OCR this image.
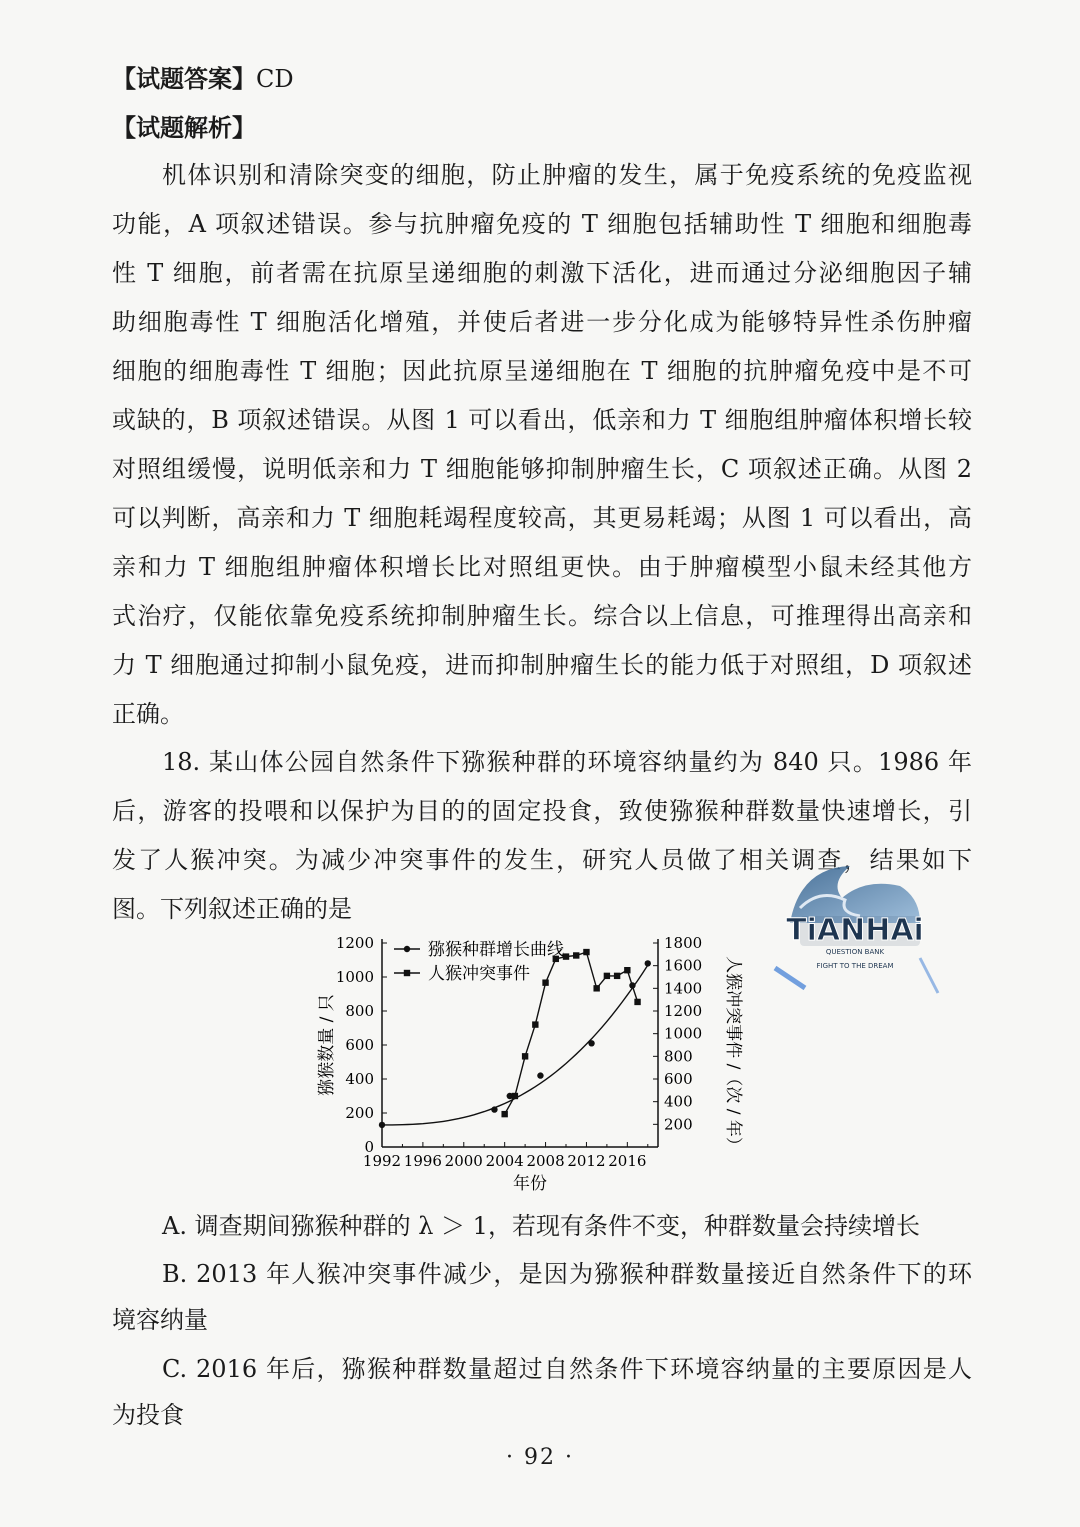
【试题答案】CD
【试题解析】
机体识别和清除突变的细胞，防止肿瘤的发生，属于免疫系统的免疫监视
功能，A 项叙述错误。参与抗肿瘤免疫的 T 细胞包括辅助性 T 细胞和细胞毒
性 T 细胞，前者需在抗原呈递细胞的刺激下活化，进而通过分泌细胞因子辅
助细胞毒性 T 细胞活化增殖，并使后者进一步分化成为能够特异性杀伤肿瘤
细胞的细胞毒性 T 细胞；因此抗原呈递细胞在 T 细胞的抗肿瘤免疫中是不可
或缺的，B 项叙述错误。从图 1 可以看出，低亲和力 T 细胞组肿瘤体积增长较
对照组缓慢，说明低亲和力 T 细胞能够抑制肿瘤生长，C 项叙述正确。从图 2
可以判断，高亲和力 T 细胞耗竭程度较高，其更易耗竭；从图 1 可以看出，高
亲和力 T 细胞组肿瘤体积增长比对照组更快。由于肿瘤模型小鼠未经其他方
式治疗，仅能依靠免疫系统抑制肿瘤生长。综合以上信息，可推理得出高亲和
力 T 细胞通过抑制小鼠免疫，进而抑制肿瘤生长的能力低于对照组，D 项叙述
正确。
18. 某山体公园自然条件下猕猴种群的环境容纳量约为 840 只。1986 年
后，游客的投喂和以保护为目的的固定投食，致使猕猴种群数量快速增长，引
发了人猴冲突。为减少冲突事件的发生，研究人员做了相关调查，结果如下
图。下列叙述正确的是
TiANHAi
QUESTION BANK
FIGHT TO THE DREAM
0
200
400
600
800
1000
1200
200
400
600
800
1000
1200
1400
1600
1800
1992 1996 2000 2004 2008 2012 2016
年份
猕猴数量 / 只	人猴冲突事件 /（次 / 年）
猕猴种群增长曲线
人猴冲突事件
A. 调查期间猕猴种群的 λ ＞ 1，若现有条件不变，种群数量会持续增长
B. 2013 年人猴冲突事件减少，是因为猕猴种群数量接近自然条件下的环
境容纳量
C. 2016 年后，猕猴种群数量超过自然条件下环境容纳量的主要原因是人
为投食
· 92 ·
